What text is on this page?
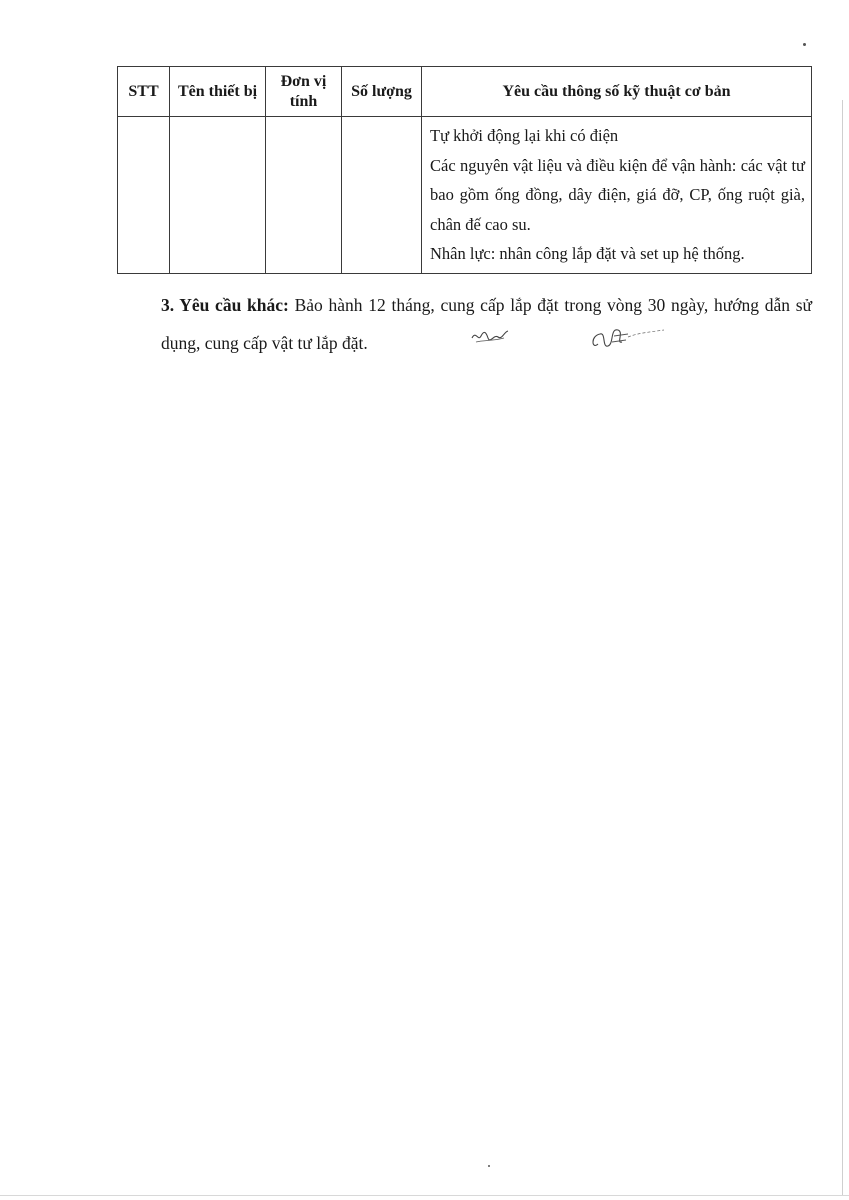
STT	Tên thiết bị	Đơn vị tính	Số lượng	Yêu cầu thông số kỹ thuật cơ bản

				Tự khởi động lại khi có điện
Các nguyên vật liệu và điều kiện để vận hành: các vật tư bao gồm ống đồng, dây điện, giá đỡ, CP, ống ruột già, chân đế cao su.
Nhân lực: nhân công lắp đặt và set up hệ thống.
3. Yêu cầu khác: Bảo hành 12 tháng, cung cấp lắp đặt trong vòng 30 ngày, hướng dẫn sử dụng, cung cấp vật tư lắp đặt.
